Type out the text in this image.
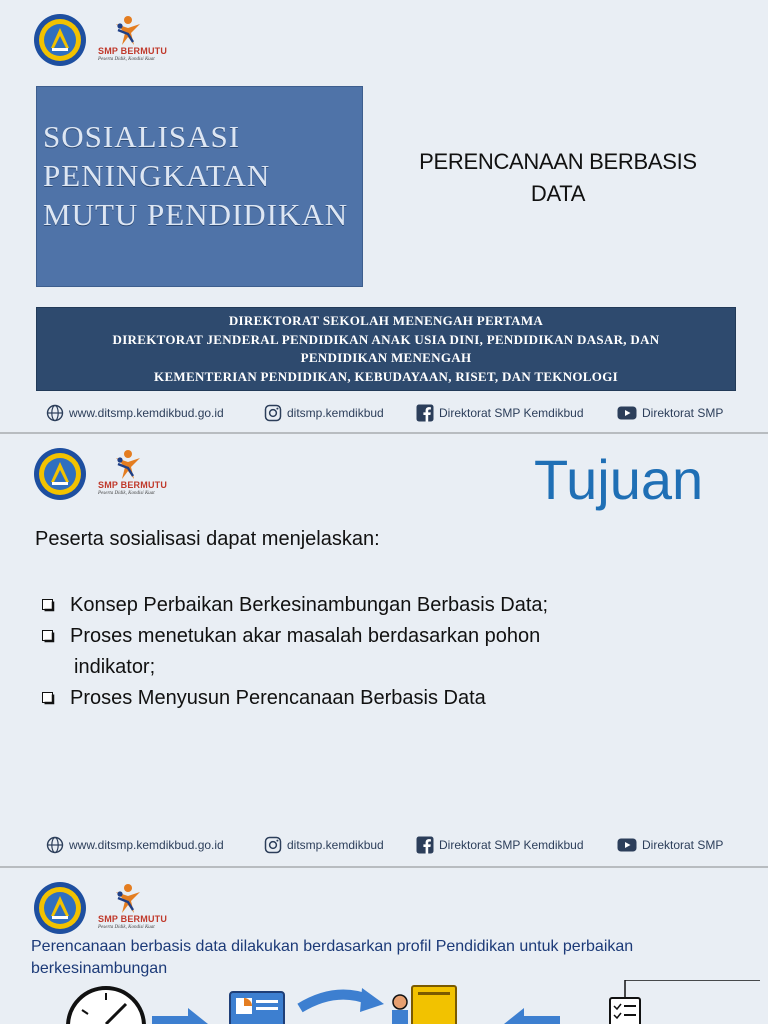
SMP BERMUTU
Peserta Didik, Kondisi Kuat
SOSIALISASI
PENINGKATAN
MUTU PENDIDIKAN
PERENCANAAN BERBASIS
DATA
DIREKTORAT SEKOLAH MENENGAH PERTAMA
DIREKTORAT JENDERAL PENDIDIKAN ANAK USIA DINI, PENDIDIKAN DASAR, DAN
PENDIDIKAN MENENGAH
KEMENTERIAN PENDIDIKAN, KEBUDAYAAN, RISET, DAN TEKNOLOGI
www.ditsmp.kemdikbud.go.id	ditsmp.kemdikbud	Direktorat SMP Kemdikbud	Direktorat SMP
SMP BERMUTU
Peserta Didik, Kondisi Kuat	Tujuan
Peserta sosialisasi dapat menjelaskan:
Konsep Perbaikan Berkesinambungan Berbasis Data;
Proses menetukan akar masalah berdasarkan pohon
indikator;
Proses Menyusun Perencanaan Berbasis Data
www.ditsmp.kemdikbud.go.id	ditsmp.kemdikbud	Direktorat SMP Kemdikbud	Direktorat SMP
SMP BERMUTU
Peserta Didik, Kondisi Kuat
Perencanaan berbasis data dilakukan berdasarkan profil Pendidikan untuk perbaikan berkesinambungan
